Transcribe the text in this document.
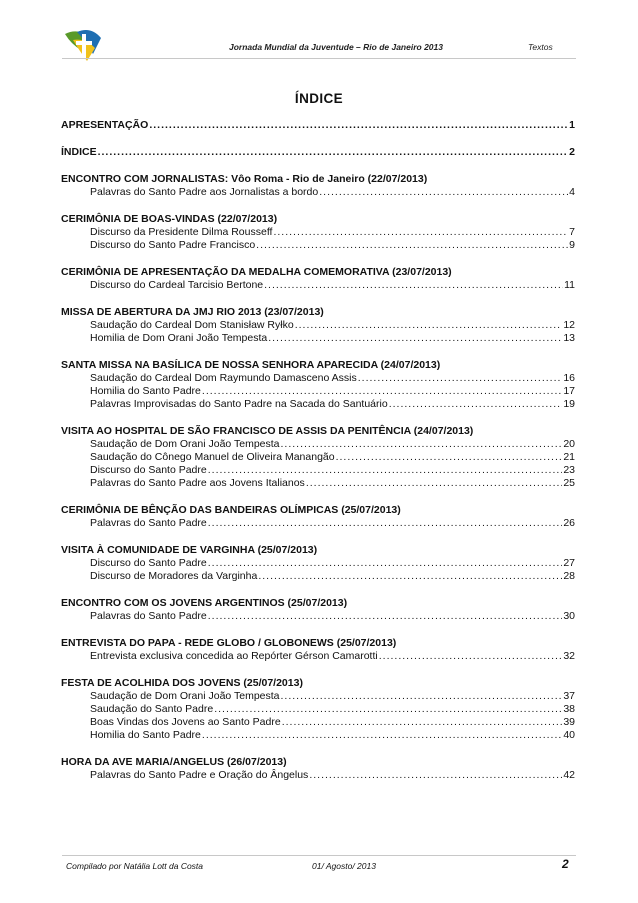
Jornada Mundial da Juventude – Rio de Janeiro 2013	Textos
ÍNDICE
APRESENTAÇÃO .....	1
ÍNDICE .....	2
ENCONTRO COM JORNALISTAS: Vôo Roma - Rio de Janeiro (22/07/2013)
Palavras do Santo Padre aos Jornalistas a bordo .....	4
CERIMÔNIA DE BOAS-VINDAS (22/07/2013)
Discurso da Presidente Dilma Rousseff .....	7
Discurso do Santo Padre Francisco .....	9
CERIMÔNIA DE APRESENTAÇÃO DA MEDALHA COMEMORATIVA (23/07/2013)
Discurso do Cardeal Tarcisio Bertone .....	11
MISSA DE ABERTURA DA JMJ RIO 2013 (23/07/2013)
Saudação do Cardeal Dom Stanisław Ryłko .....	12
Homilia de Dom Orani João Tempesta .....	13
SANTA MISSA NA BASÍLICA DE NOSSA SENHORA APARECIDA (24/07/2013)
Saudação do Cardeal Dom Raymundo Damasceno Assis .....	16
Homilia do Santo Padre .....	17
Palavras Improvisadas do Santo Padre na Sacada do Santuário .....	19
VISITA AO HOSPITAL DE SÃO FRANCISCO DE ASSIS DA PENITÊNCIA (24/07/2013)
Saudação de Dom Orani João Tempesta .....	20
Saudação do Cônego Manuel de Oliveira Manangão .....	21
Discurso do Santo Padre .....	23
Palavras do Santo Padre aos Jovens Italianos .....	25
CERIMÔNIA DE BÊNÇÃO DAS BANDEIRAS OLÍMPICAS (25/07/2013)
Palavras do Santo Padre .....	26
VISITA À COMUNIDADE DE VARGINHA (25/07/2013)
Discurso do Santo Padre .....	27
Discurso de Moradores da Varginha .....	28
ENCONTRO COM OS JOVENS ARGENTINOS (25/07/2013)
Palavras do Santo Padre .....	30
ENTREVISTA DO PAPA - REDE GLOBO / GLOBONEWS (25/07/2013)
Entrevista exclusiva concedida ao Repórter Gérson Camarotti .....	32
FESTA DE ACOLHIDA DOS JOVENS (25/07/2013)
Saudação de Dom Orani João Tempesta .....	37
Saudação do Santo Padre .....	38
Boas Vindas dos Jovens ao Santo Padre .....	39
Homilia do Santo Padre .....	40
HORA DA AVE MARIA/ANGELUS (26/07/2013)
Palavras do Santo Padre e Oração do Ângelus .....	42
Compilado por Natália Lott da Costa	01/ Agosto/ 2013	2
